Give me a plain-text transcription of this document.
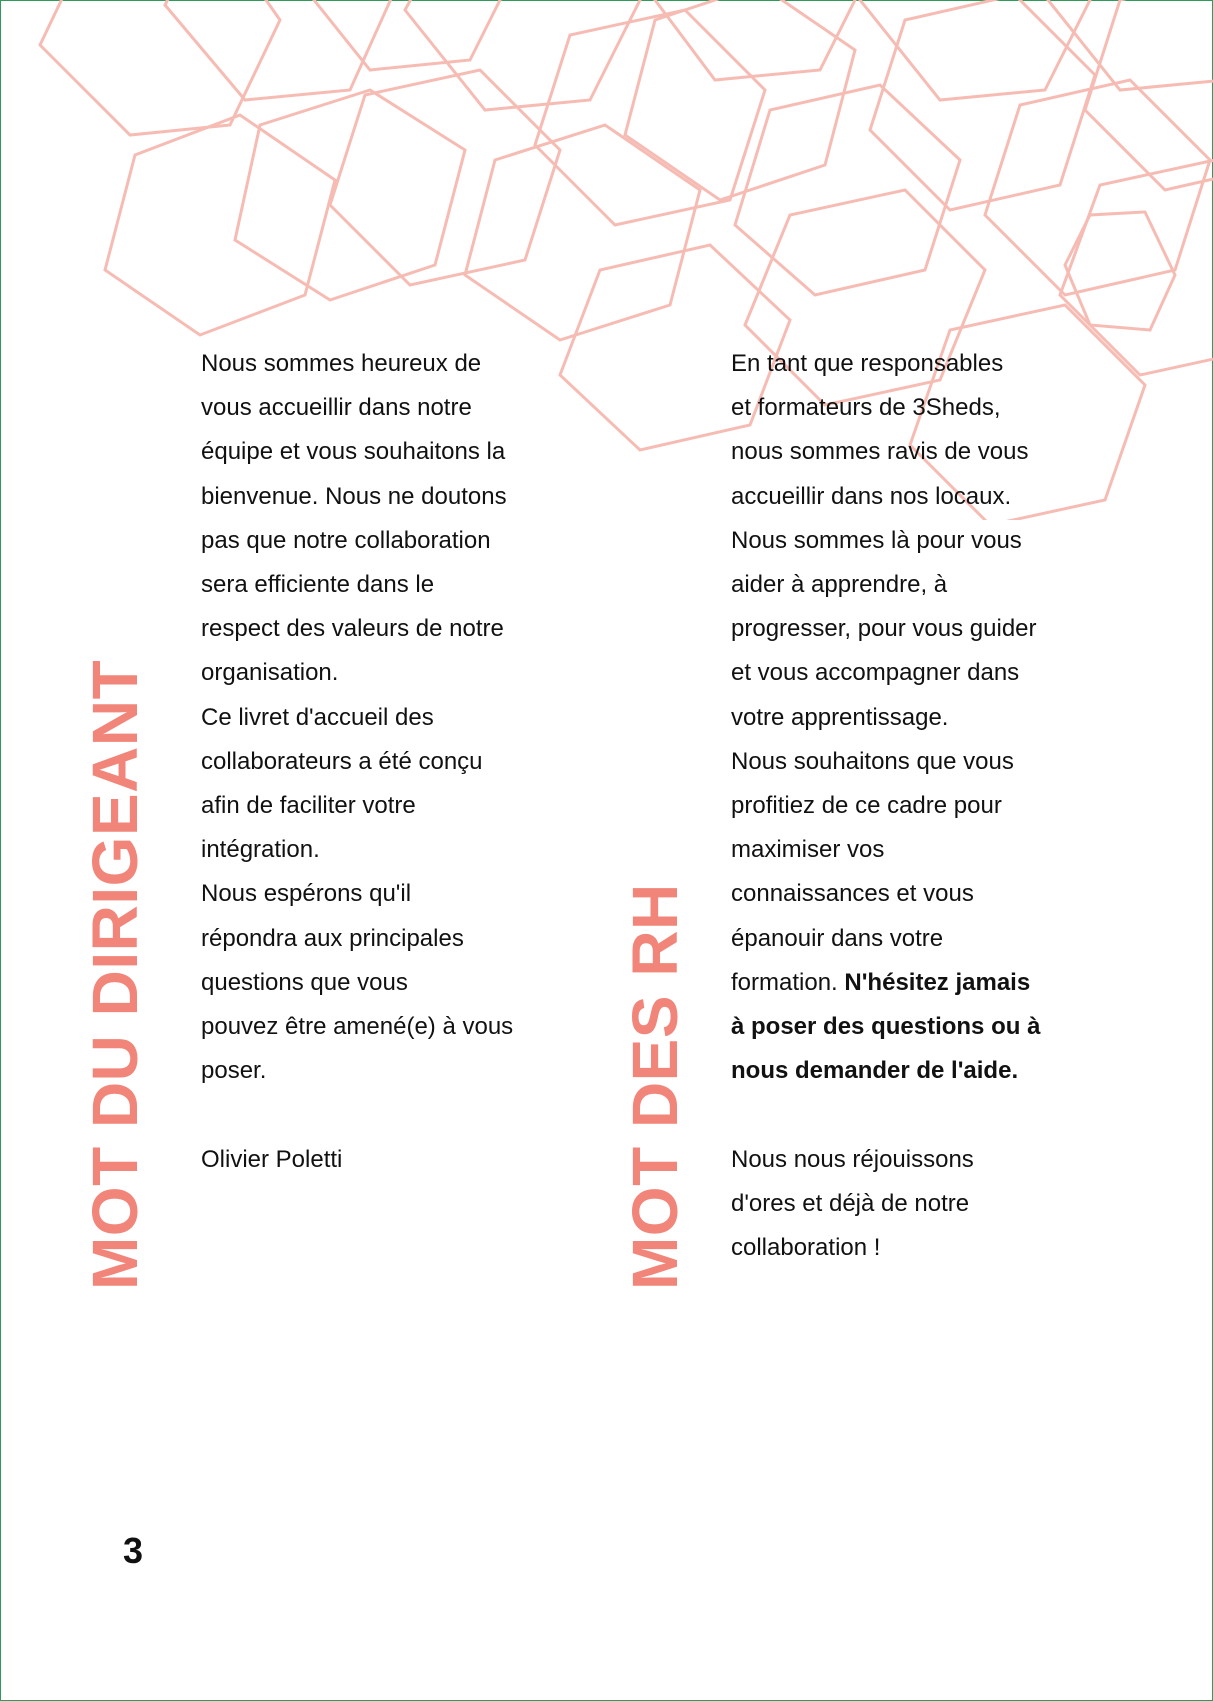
MOT DU DIRIGEANT	MOT DES RH
Nous sommes heureux de
vous accueillir dans notre
équipe et vous souhaitons la
bienvenue. Nous ne doutons
pas que notre collaboration
sera efficiente dans le
respect des valeurs de notre
organisation.
Ce livret d'accueil des
collaborateurs a été conçu
afin de faciliter votre
intégration.
Nous espérons qu'il
répondra aux principales
questions que vous
pouvez être amené(e) à vous
poser.
Olivier Poletti
En tant que responsables
et formateurs de 3Sheds,
nous sommes ravis de vous
accueillir dans nos locaux.
Nous sommes là pour vous
aider à apprendre, à
progresser, pour vous guider
et vous accompagner dans
votre apprentissage.
Nous souhaitons que vous
profitiez de ce cadre pour
maximiser vos
connaissances et vous
épanouir dans votre
formation. N'hésitez jamais
à poser des questions ou à
nous demander de l'aide.
Nous nous réjouissons
d'ores et déjà de notre
collaboration !
3
